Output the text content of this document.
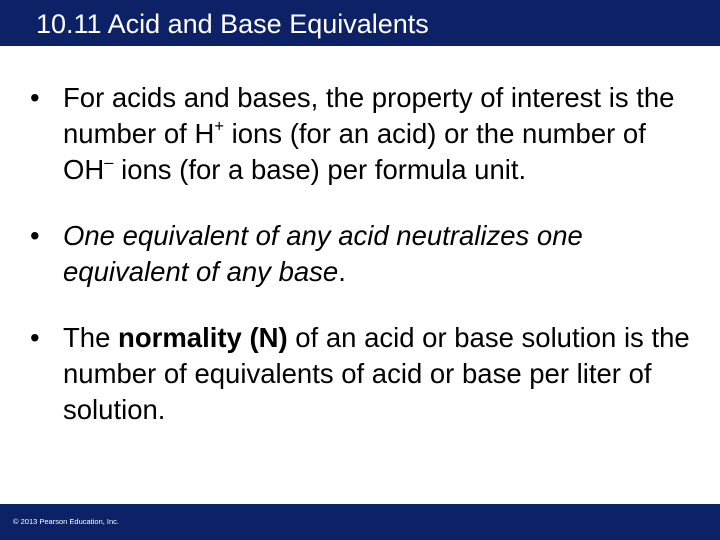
10.11 Acid and Base Equivalents
• For acids and bases, the property of interest is the number of H+ ions (for an acid) or the number of OH– ions (for a base) per formula unit.
• One equivalent of any acid neutralizes one equivalent of any base.
• The normality (N) of an acid or base solution is the number of equivalents of acid or base per liter of solution.
© 2013 Pearson Education, Inc.
